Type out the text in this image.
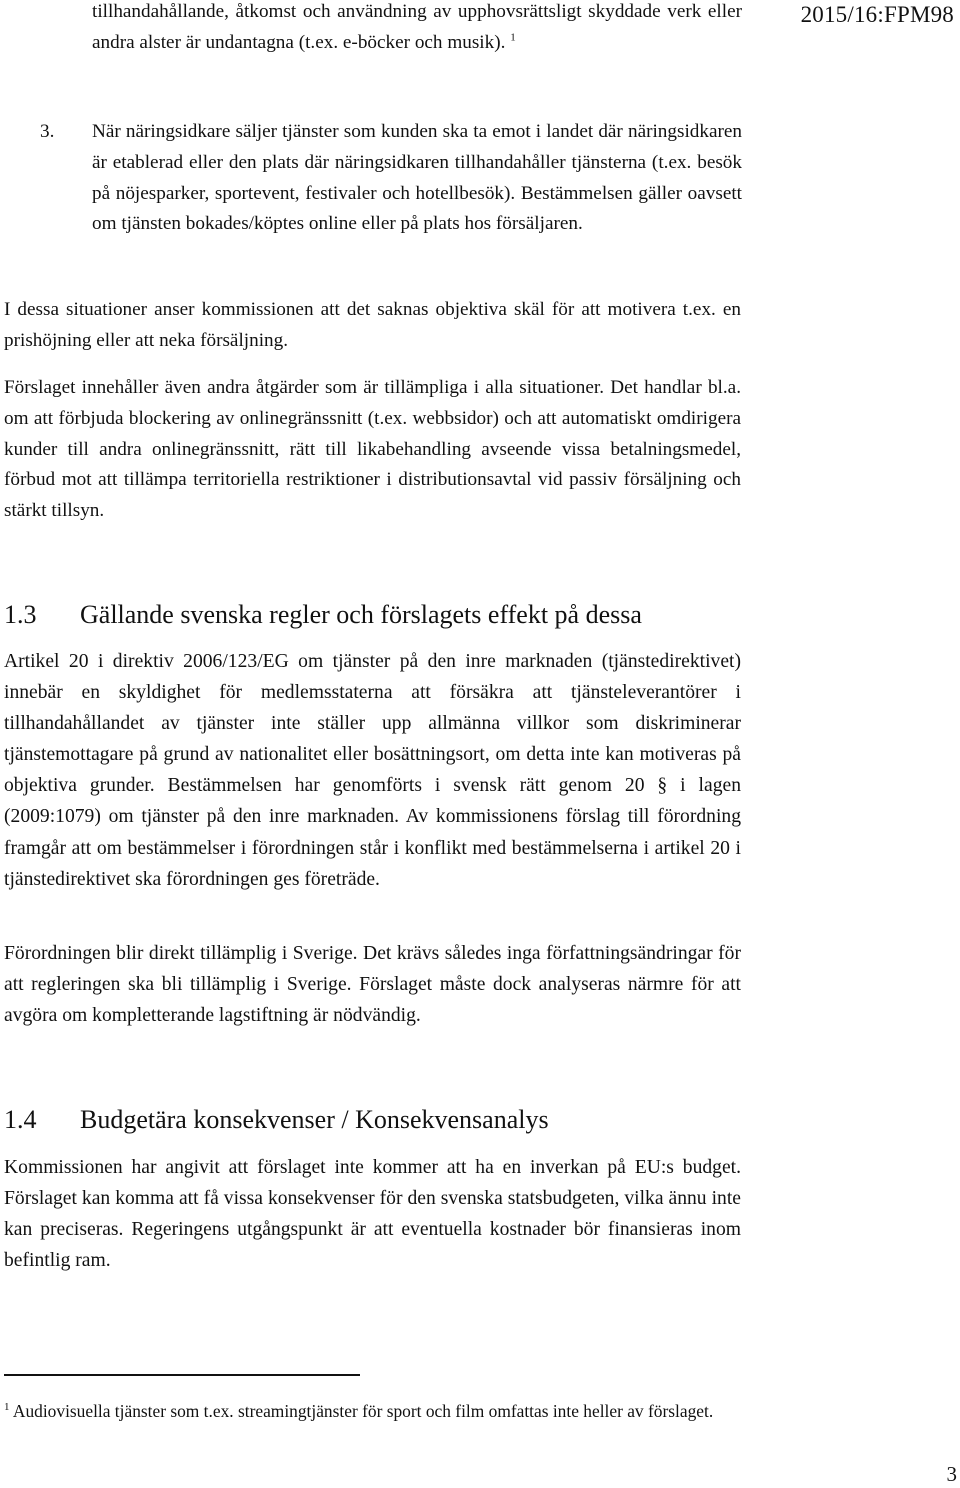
2015/16:FPM98
tillhandahållande, åtkomst och användning av upphovsrättsligt skyddade verk eller andra alster är undantagna (t.ex. e-böcker och musik). $^1$
3.	När näringsidkare säljer tjänster som kunden ska ta emot i landet där näringsidkaren är etablerad eller den plats där näringsidkaren tillhandahåller tjänsterna (t.ex. besök på nöjesparker, sportevent, festivaler och hotellbesök). Bestämmelsen gäller oavsett om tjänsten bokades/köptes online eller på plats hos försäljaren.

I dessa situationer anser kommissionen att det saknas objektiva skäl för att motivera t.ex. en prishöjning eller att neka försäljning.

Förslaget innehåller även andra åtgärder som är tillämpliga i alla situationer. Det handlar bl.a. om att förbjuda blockering av onlinegränssnitt (t.ex. webbsidor) och att automatiskt omdirigera kunder till andra onlinegränssnitt, rätt till likabehandling avseende vissa betalningsmedel, förbud mot att tillämpa territoriella restriktioner i distributionsavtal vid passiv försäljning och stärkt tillsyn.

1.3	Gällande svenska regler och förslagets effekt på dessa

Artikel 20 i direktiv 2006/123/EG om tjänster på den inre marknaden (tjänstedirektivet) innebär en skyldighet för medlemsstaterna att försäkra att tjänsteleverantörer i tillhandahållandet av tjänster inte ställer upp allmänna villkor som diskriminerar tjänstemottagare på grund av nationalitet eller bosättningsort, om detta inte kan motiveras på objektiva grunder. Bestämmelsen har genomförts i svensk rätt genom 20 § i lagen (2009:1079) om tjänster på den inre marknaden. Av kommissionens förslag till förordning framgår att om bestämmelser i förordningen står i konflikt med bestämmelserna i artikel 20 i tjänstedirektivet ska förordningen ges företräde.

Förordningen blir direkt tillämplig i Sverige. Det krävs således inga författningsändringar för att regleringen ska bli tillämplig i Sverige. Förslaget måste dock analyseras närmre för att avgöra om kompletterande lagstiftning är nödvändig.

1.4	Budgetära konsekvenser / Konsekvensanalys

Kommissionen har angivit att förslaget inte kommer att ha en inverkan på EU:s budget. Förslaget kan komma att få vissa konsekvenser för den svenska statsbudgeten, vilka ännu inte kan preciseras. Regeringens utgångspunkt är att eventuella kostnader bör finansieras inom befintlig ram.

$^1$ Audiovisuella tjänster som t.ex. streamingtjänster för sport och film omfattas inte heller av förslaget.
3
